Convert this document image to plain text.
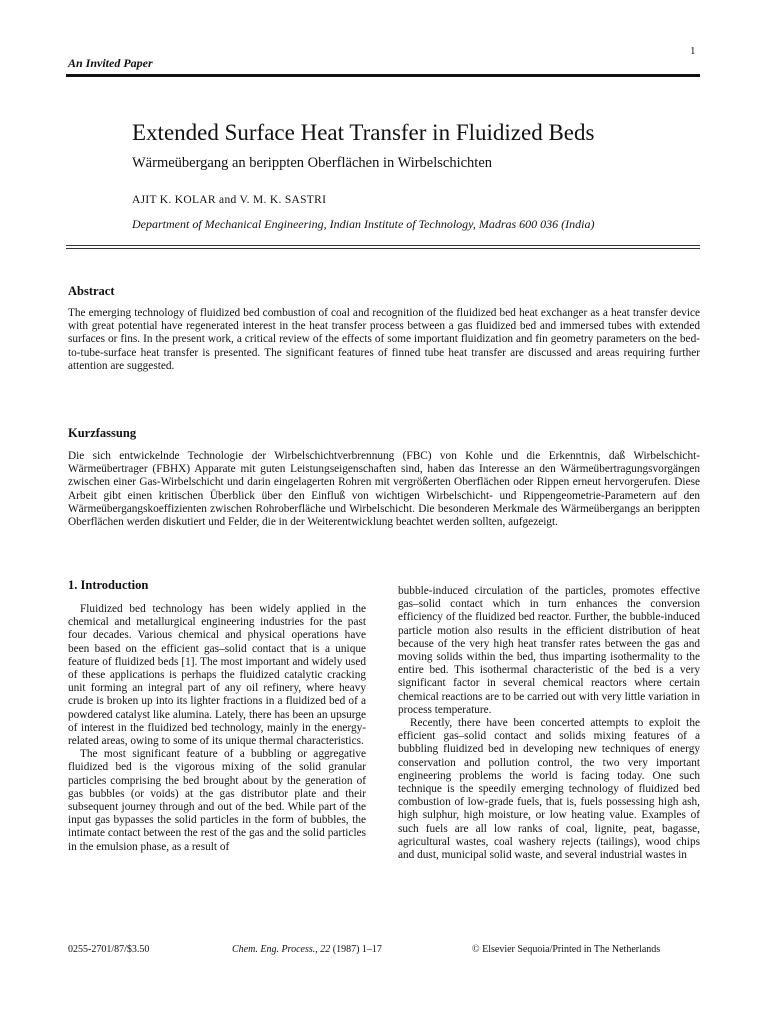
An Invited Paper
1
Extended Surface Heat Transfer in Fluidized Beds
Wärmeübergang an berippten Oberflächen in Wirbelschichten
AJIT K. KOLAR and V. M. K. SASTRI
Department of Mechanical Engineering, Indian Institute of Technology, Madras 600 036 (India)
Abstract
The emerging technology of fluidized bed combustion of coal and recognition of the fluidized bed heat exchanger as a heat transfer device with great potential have regenerated interest in the heat transfer process between a gas fluidized bed and immersed tubes with extended surfaces or fins. In the present work, a critical review of the effects of some important fluidization and fin geometry parameters on the bed-to-tube-surface heat transfer is presented. The significant features of finned tube heat transfer are discussed and areas requiring further attention are suggested.
Kurzfassung
Die sich entwickelnde Technologie der Wirbelschichtverbrennung (FBC) von Kohle und die Erkenntnis, daß Wirbelschicht-Wärmeübertrager (FBHX) Apparate mit guten Leistungseigenschaften sind, haben das Interesse an den Wärmeübertragungsvorgängen zwischen einer Gas-Wirbelschicht und darin eingelagerten Rohren mit vergrößerten Oberflächen oder Rippen erneut hervorgerufen. Diese Arbeit gibt einen kritischen Überblick über den Einfluß von wichtigen Wirbelschicht- und Rippengeometrie-Parametern auf den Wärmeübergangskoeffizienten zwischen Rohroberfläche und Wirbelschicht. Die besonderen Merkmale des Wärmeübergangs an berippten Oberflächen werden diskutiert und Felder, die in der Weiterentwicklung beachtet werden sollten, aufgezeigt.
1. Introduction

Fluidized bed technology has been widely applied in the chemical and metallurgical engineering industries for the past four decades. Various chemical and physical operations have been based on the efficient gas–solid contact that is a unique feature of fluidized beds [1]. The most important and widely used of these applications is perhaps the fluidized catalytic cracking unit forming an integral part of any oil refinery, where heavy crude is broken up into its lighter fractions in a fluidized bed of a powdered catalyst like alumina. Lately, there has been an upsurge of interest in the fluidized bed technology, mainly in the energy-related areas, owing to some of its unique thermal characteristics.

The most significant feature of a bubbling or aggregative fluidized bed is the vigorous mixing of the solid granular particles comprising the bed brought about by the generation of gas bubbles (or voids) at the gas distributor plate and their subsequent journey through and out of the bed. While part of the input gas bypasses the solid particles in the form of bubbles, the intimate contact between the rest of the gas and the solid particles in the emulsion phase, as a result of

bubble-induced circulation of the particles, promotes effective gas–solid contact which in turn enhances the conversion efficiency of the fluidized bed reactor. Further, the bubble-induced particle motion also results in the efficient distribution of heat because of the very high heat transfer rates between the gas and moving solids within the bed, thus imparting isothermality to the entire bed. This isothermal characteristic of the bed is a very significant factor in several chemical reactors where certain chemical reactions are to be carried out with very little variation in process temperature.

Recently, there have been concerted attempts to exploit the efficient gas–solid contact and solids mixing features of a bubbling fluidized bed in developing new techniques of energy conservation and pollution control, the two very important engineering problems the world is facing today. One such technique is the speedily emerging technology of fluidized bed combustion of low-grade fuels, that is, fuels possessing high ash, high sulphur, high moisture, or low heating value. Examples of such fuels are all low ranks of coal, lignite, peat, bagasse, agricultural wastes, coal washery rejects (tailings), wood chips and dust, municipal solid waste, and several industrial wastes in

0255-2701/87/$3.50	Chem. Eng. Process., 22 (1987) 1–17	© Elsevier Sequoia/Printed in The Netherlands
